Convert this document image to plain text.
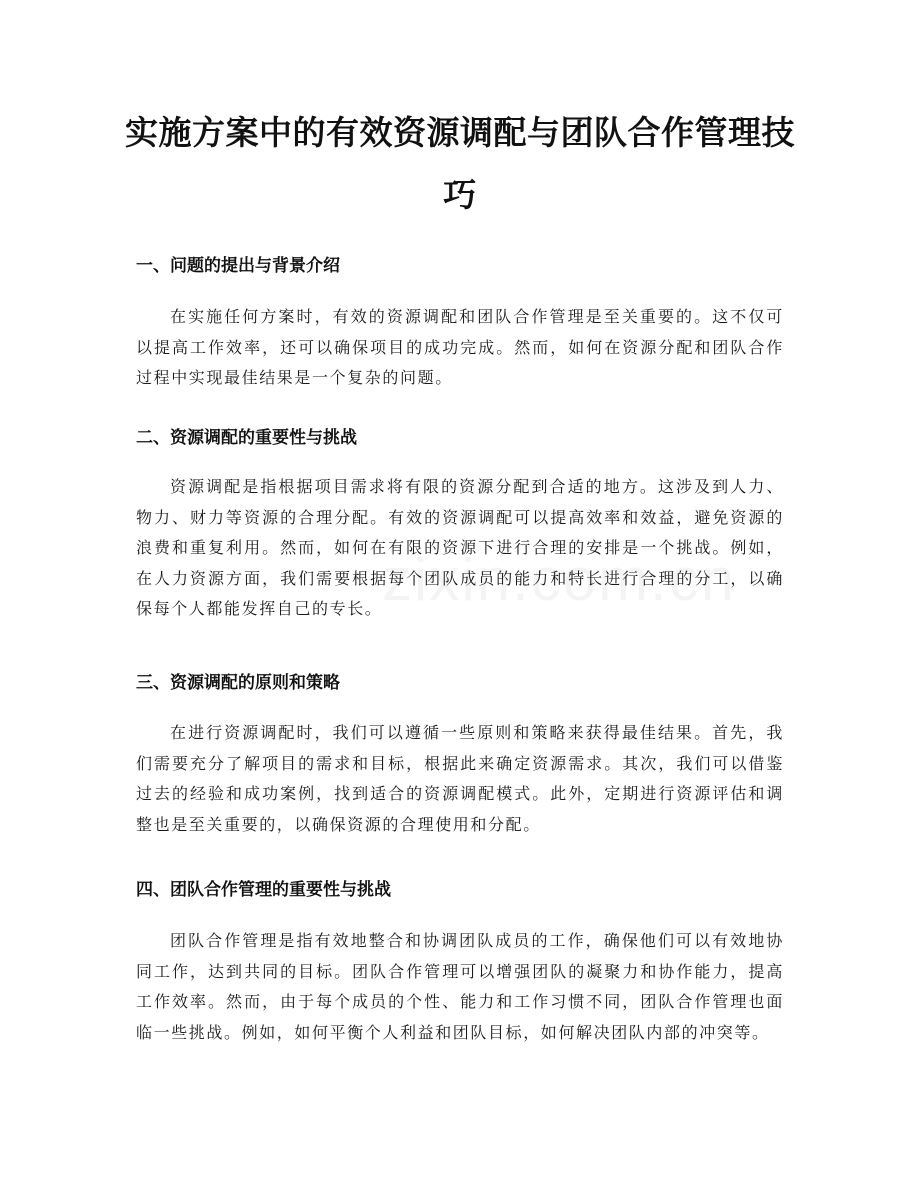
实施方案中的有效资源调配与团队合作管理技巧
一、问题的提出与背景介绍

在实施任何方案时，有效的资源调配和团队合作管理是至关重要的。这不仅可以提高工作效率，还可以确保项目的成功完成。然而，如何在资源分配和团队合作过程中实现最佳结果是一个复杂的问题。

二、资源调配的重要性与挑战

资源调配是指根据项目需求将有限的资源分配到合适的地方。这涉及到人力、物力、财力等资源的合理分配。有效的资源调配可以提高效率和效益，避免资源的浪费和重复利用。然而，如何在有限的资源下进行合理的安排是一个挑战。例如，在人力资源方面，我们需要根据每个团队成员的能力和特长进行合理的分工，以确保每个人都能发挥自己的专长。

三、资源调配的原则和策略

在进行资源调配时，我们可以遵循一些原则和策略来获得最佳结果。首先，我们需要充分了解项目的需求和目标，根据此来确定资源需求。其次，我们可以借鉴过去的经验和成功案例，找到适合的资源调配模式。此外，定期进行资源评估和调整也是至关重要的，以确保资源的合理使用和分配。

四、团队合作管理的重要性与挑战

团队合作管理是指有效地整合和协调团队成员的工作，确保他们可以有效地协同工作，达到共同的目标。团队合作管理可以增强团队的凝聚力和协作能力，提高工作效率。然而，由于每个成员的个性、能力和工作习惯不同，团队合作管理也面临一些挑战。例如，如何平衡个人利益和团队目标，如何解决团队内部的冲突等。
